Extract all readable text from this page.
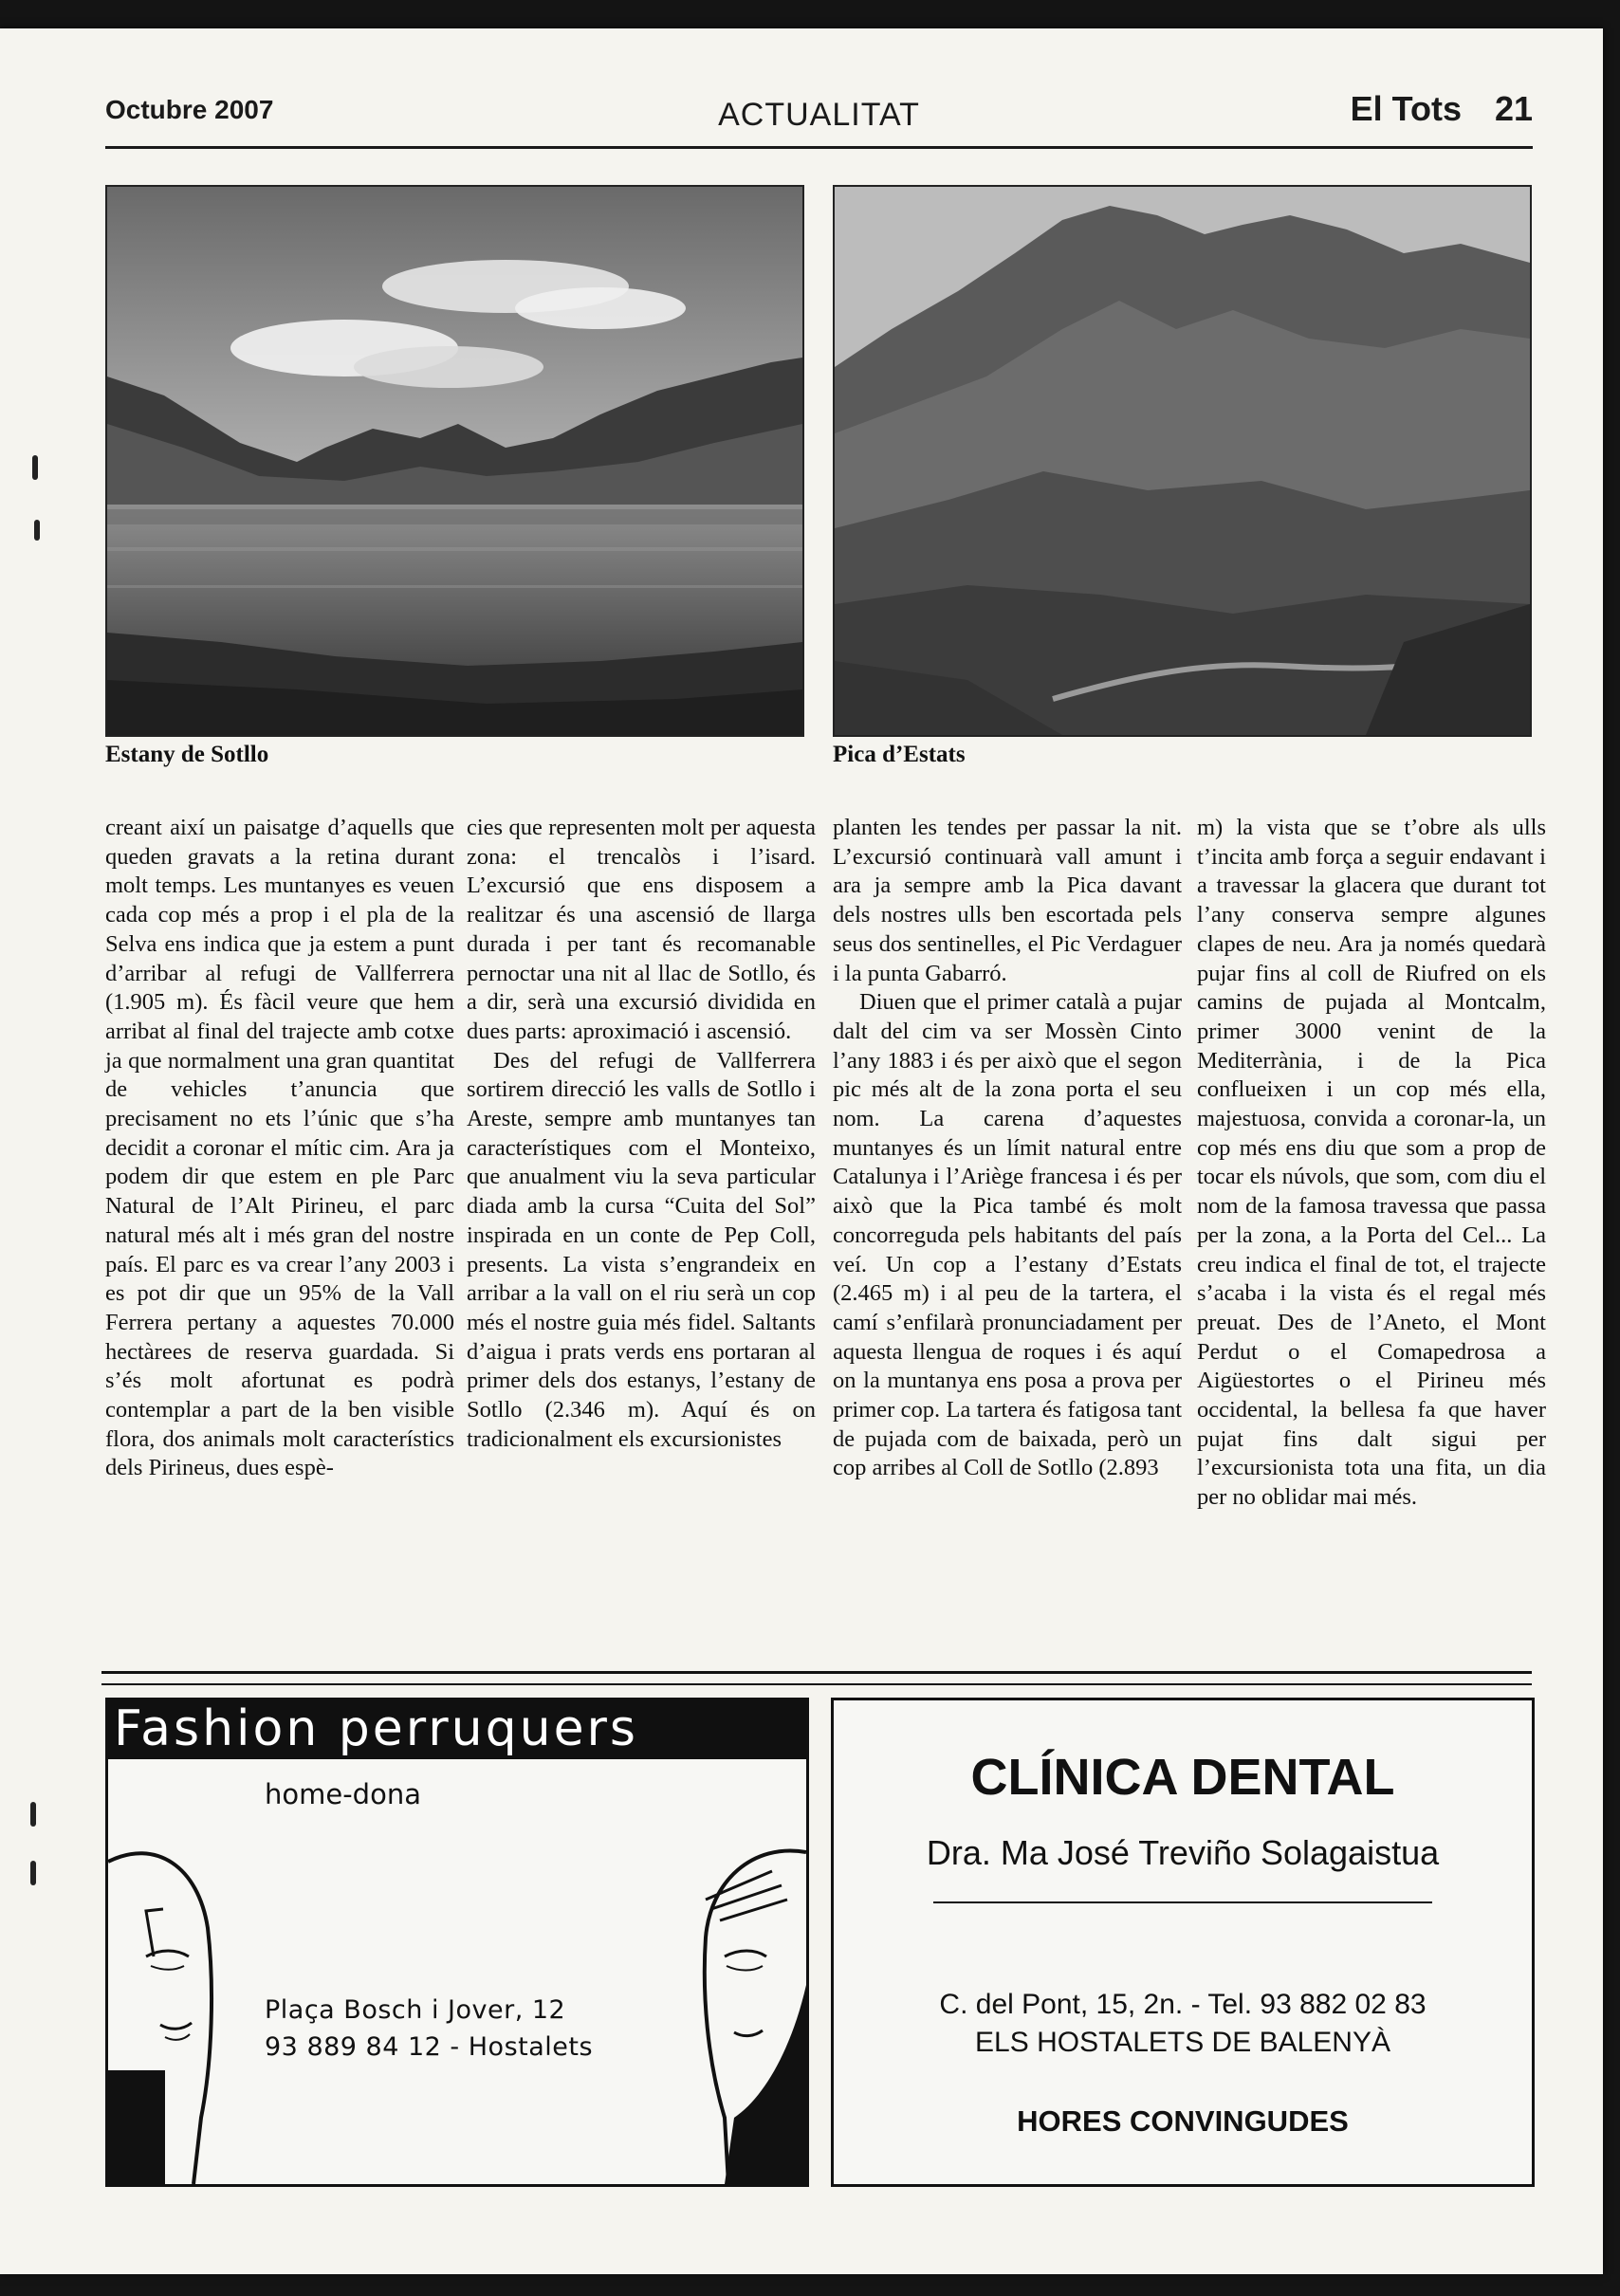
Octubre 2007	ACTUALITAT	El Tots 21
Estany de Sotllo	Pica d’Estats

creant així un paisatge d’aquells que queden gravats a la retina durant molt temps. Les muntanyes es veuen cada cop més a prop i el pla de la Selva ens indica que ja estem a punt d’arribar al refugi de Vallferrera (1.905 m). És fàcil veure que hem arribat al final del trajecte amb cotxe ja que normalment una gran quantitat de vehicles t’anuncia que precisament no ets l’únic que s’ha decidit a coronar el mític cim. Ara ja podem dir que estem en ple Parc Natural de l’Alt Pirineu, el parc natural més alt i més gran del nostre país. El parc es va crear l’any 2003 i es pot dir que un 95% de la Vall Ferrera pertany a aquestes 70.000 hectàrees de reserva guardada. Si s’és molt afortunat es podrà contemplar a part de la ben visible flora, dos animals molt característics dels Pirineus, dues espè-

cies que representen molt per aquesta zona: el trencalòs i l’isard. L’excursió que ens disposem a realitzar és una ascensió de llarga durada i per tant és recomanable pernoctar una nit al llac de Sotllo, és a dir, serà una excursió dividida en dues parts: aproximació i ascensió.

Des del refugi de Vallferrera sortirem direcció les valls de Sotllo i Areste, sempre amb muntanyes tan característiques com el Monteixo, que anualment viu la seva particular diada amb la cursa “Cuita del Sol” inspirada en un conte de Pep Coll, presents. La vista s’engrandeix en arribar a la vall on el riu serà un cop més el nostre guia més fidel. Saltants d’aigua i prats verds ens portaran al primer dels dos estanys, l’estany de Sotllo (2.346 m). Aquí és on tradicionalment els excursionistes

planten les tendes per passar la nit. L’excursió continuarà vall amunt i ara ja sempre amb la Pica davant dels nostres ulls ben escortada pels seus dos sentinelles, el Pic Verdaguer i la punta Gabarró.

Diuen que el primer català a pujar dalt del cim va ser Mossèn Cinto l’any 1883 i és per això que el segon pic més alt de la zona porta el seu nom. La carena d’aquestes muntanyes és un límit natural entre Catalunya i l’Ariège francesa i és per això que la Pica també és molt concorreguda pels habitants del país veí. Un cop a l’estany d’Estats (2.465 m) i al peu de la tartera, el camí s’enfilarà pronunciadament per aquesta llengua de roques i és aquí on la muntanya ens posa a prova per primer cop. La tartera és fatigosa tant de pujada com de baixada, però un cop arribes al Coll de Sotllo (2.893

m) la vista que se t’obre als ulls t’incita amb força a seguir endavant i a travessar la glacera que durant tot l’any conserva sempre algunes clapes de neu. Ara ja només quedarà pujar fins al coll de Riufred on els camins de pujada al Montcalm, primer 3000 venint de la Mediterrània, i de la Pica conflueixen i un cop més ella, majestuosa, convida a coronar-la, un cop més ens diu que som a prop de tocar els núvols, que som, com diu el nom de la famosa travessa que passa per la zona, a la Porta del Cel... La creu indica el final de tot, el trajecte s’acaba i la vista és el regal més preuat. Des de l’Aneto, el Mont Perdut o el Comapedrosa a Aigüestortes o el Pirineu més occidental, la bellesa fa que haver pujat fins dalt sigui per l’excursionista tota una fita, un dia per no oblidar mai més.

Fashion perruquers
home-dona
Plaça Bosch i Jover, 12
93 889 84 12 - Hostalets
CLÍNICA DENTAL
Dra. Ma José Treviño Solagaistua
C. del Pont, 15, 2n. - Tel. 93 882 02 83
ELS HOSTALETS DE BALENYÀ
HORES CONVINGUDES
